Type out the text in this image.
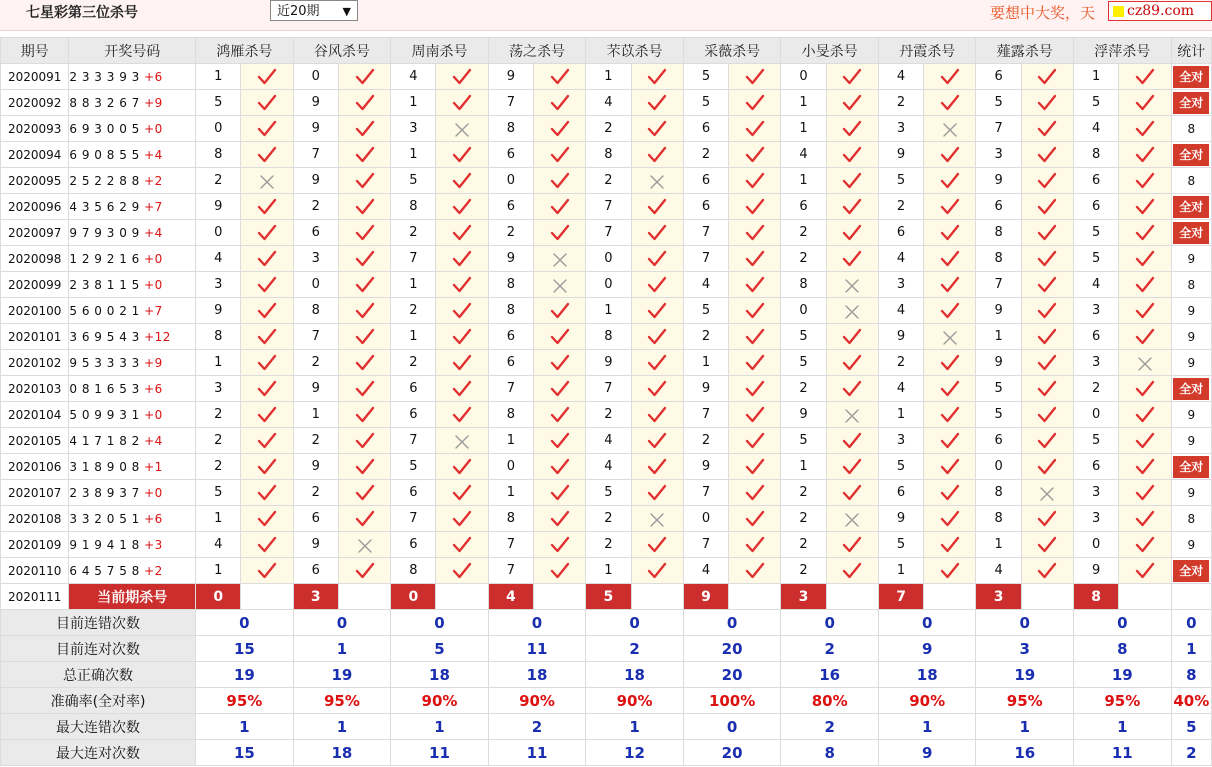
七星彩第三位杀号	近20期 ▼	要想中大奖，天	cz89.com
期号	开奖号码	鸿雁杀号		谷风杀号		周南杀号		荡之杀号		芣苡杀号		采薇杀号		小旻杀号		丹霞杀号		薤露杀号		浮萍杀号		统计
2020091	2 3 3 3 9 3 +6	1		0		4		9		1		5		0		4		6		1		全对
2020092	8 8 3 2 6 7 +9	5		9		1		7		4		5		1		2		5		5		全对
2020093	6 9 3 0 0 5 +0	0		9		3		8		2		6		1		3		7		4		8
2020094	6 9 0 8 5 5 +4	8		7		1		6		8		2		4		9		3		8		全对
2020095	2 5 2 2 8 8 +2	2		9		5		0		2		6		1		5		9		6		8
2020096	4 3 5 6 2 9 +7	9		2		8		6		7		6		6		2		6		6		全对
2020097	9 7 9 3 0 9 +4	0		6		2		2		7		7		2		6		8		5		全对
2020098	1 2 9 2 1 6 +0	4		3		7		9		0		7		2		4		8		5		9
2020099	2 3 8 1 1 5 +0	3		0		1		8		0		4		8		3		7		4		8
2020100	5 6 0 0 2 1 +7	9		8		2		8		1		5		0		4		9		3		9
2020101	3 6 9 5 4 3 +12	8		7		1		6		8		2		5		9		1		6		9
2020102	9 5 3 3 3 3 +9	1		2		2		6		9		1		5		2		9		3		9
2020103	0 8 1 6 5 3 +6	3		9		6		7		7		9		2		4		5		2		全对
2020104	5 0 9 9 3 1 +0	2		1		6		8		2		7		9		1		5		0		9
2020105	4 1 7 1 8 2 +4	2		2		7		1		4		2		5		3		6		5		9
2020106	3 1 8 9 0 8 +1	2		9		5		0		4		9		1		5		0		6		全对
2020107	2 3 8 9 3 7 +0	5		2		6		1		5		7		2		6		8		3		9
2020108	3 3 2 0 5 1 +6	1		6		7		8		2		0		2		9		8		3		8
2020109	9 1 9 4 1 8 +3	4		9		6		7		2		7		2		5		1		0		9
2020110	6 4 5 7 5 8 +2	1		6		8		7		1		4		2		1		4		9		全对
2020111	当前期杀号	0		3		0		4		5		9		3		7		3		8		
目前连错次数		0		0		0		0		0		0		0		0		0		0		0
目前连对次数		15		1		5		11		2		20		2		9		3		8		1
总正确次数		19		19		18		18		18		20		16		18		19		19		8
准确率(全对率)		95%		95%		90%		90%		90%		100%		80%		90%		95%		95%		40%
最大连错次数		1		1		1		2		1		0		2		1		1		1		5
最大连对次数		15		18		11		11		12		20		8		9		16		11		2
